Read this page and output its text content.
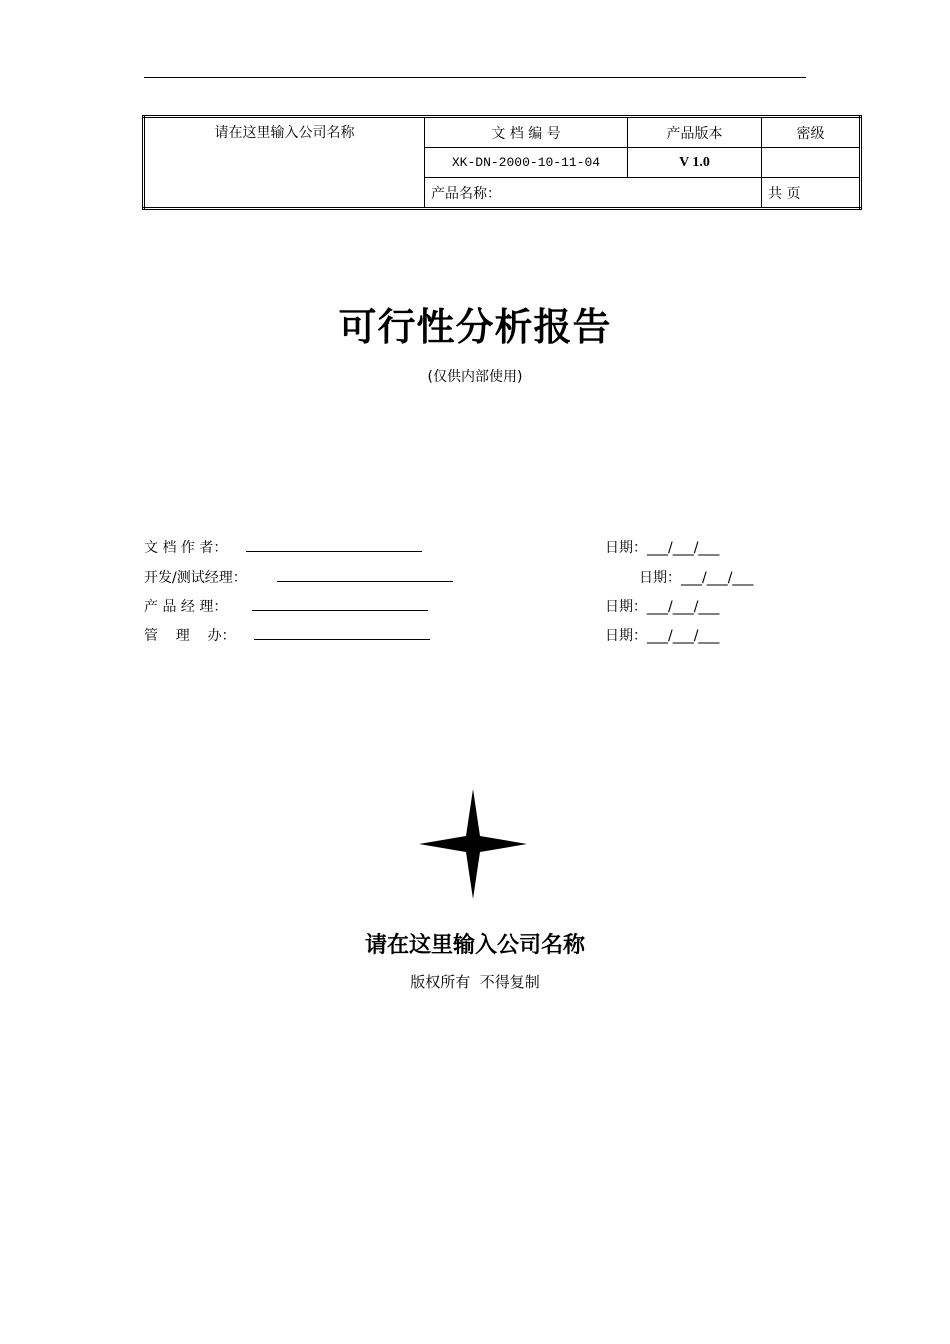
请在这里输入公司名称	文 档 编 号	产品版本	密级
	XK-DN-2000-10-11-04	V 1.0	
	产品名称：		共 页
可行性分析报告
(仅供内部使用)
文 档 作 者：	日期：___/___/___
开发/测试经理：	日期：___/___/___
产 品 经 理：	日期：___/___/___
管    理    办：	日期：___/___/___
请在这里输入公司名称
版权所有  不得复制
